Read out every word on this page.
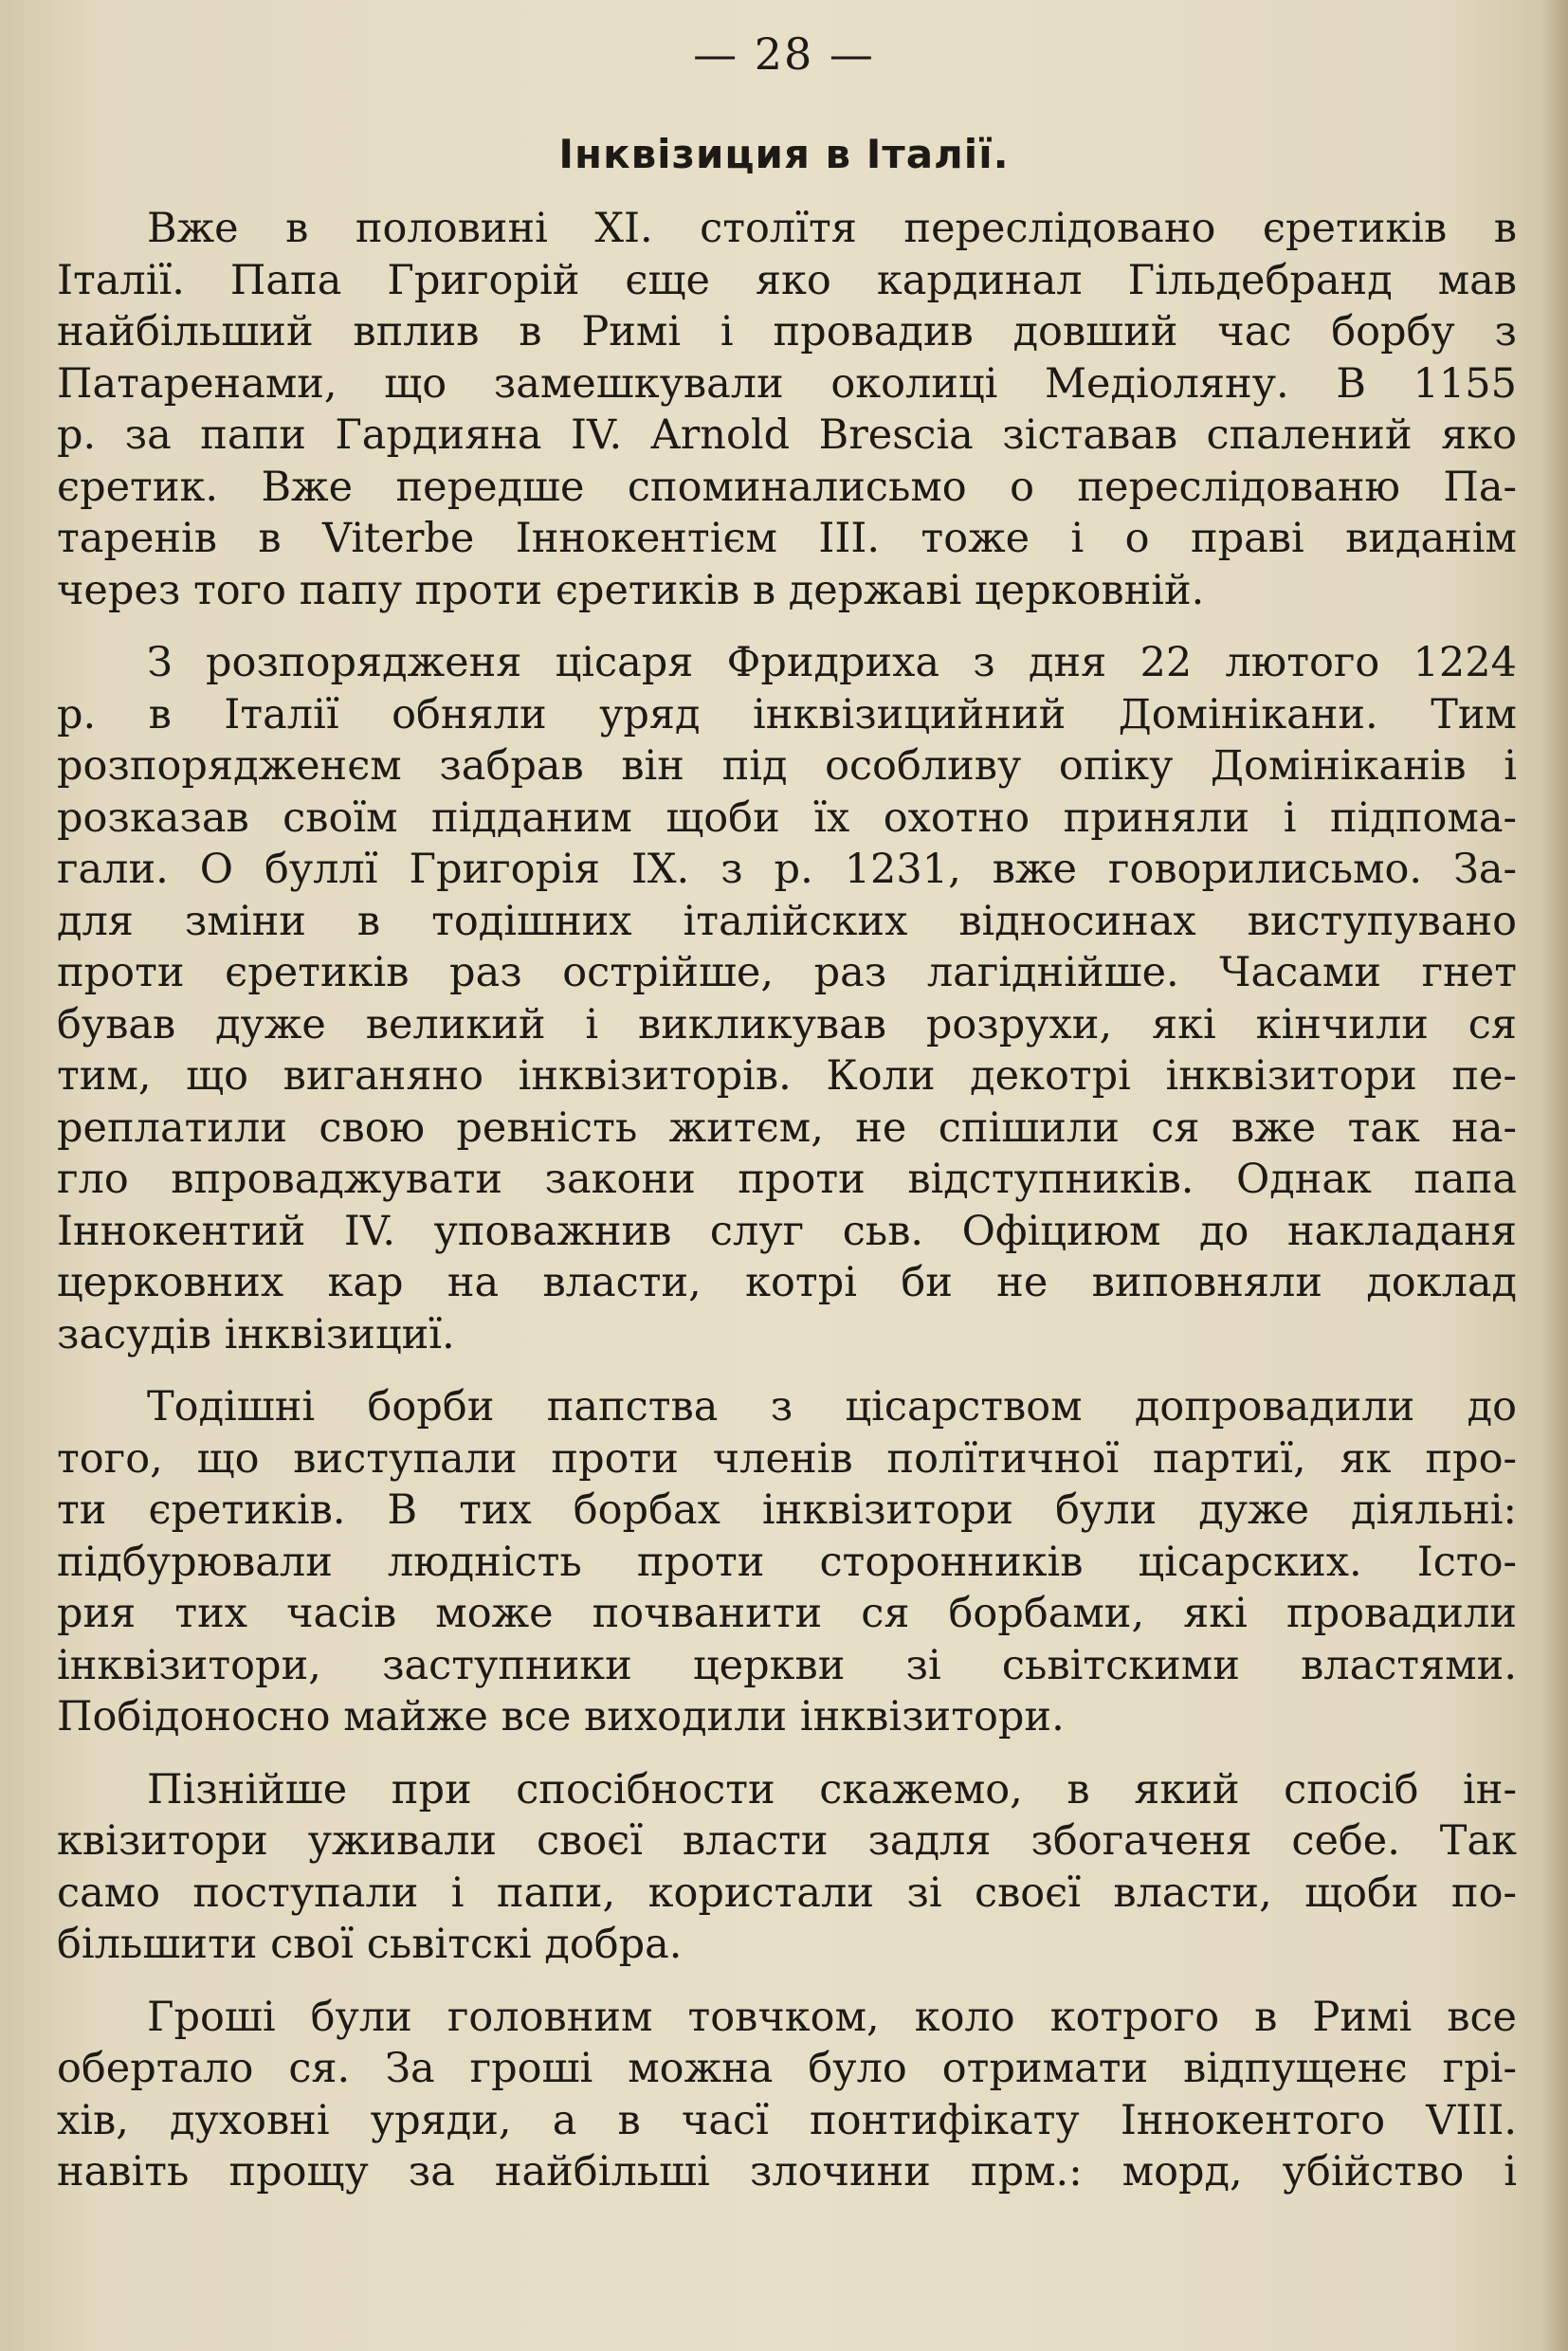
— 28 —
Інквізиция в Італії.
Вже в половині XI. столїтя переслідовано єретиків в
Італії. Папа Григорій єще яко кардинал Гільдебранд мав
найбільший вплив в Римі і провадив довший час борбу з
Патаренами, що замешкували околиці Медіоляну. В 1155
р. за папи Гардияна IV. Arnold Brescia зіставав спалений яко
єретик. Вже передше споминалисьмо о переслідованю Па-
таренів в Viterbe Іннокентієм III. тоже і о праві виданім
через того папу проти єретиків в державі церковній.
З розпорядженя цісаря Фридриха з дня 22 лютого 1224
р. в Італії обняли уряд інквізицийний Домінікани. Тим
розпорядженєм забрав він під особливу опіку Домініканів і
розказав своїм підданим щоби їх охотно приняли і підпома-
гали. О буллї Григорія IX. з р. 1231, вже говорилисьмо. За-
для зміни в тодішних італійских відносинах виступувано
проти єретиків раз острійше, раз лагіднійше. Часами гнет
бував дуже великий і викликував розрухи, які кінчили ся
тим, що виганяно інквізиторів. Коли декотрі інквізитори пе-
реплатили свою ревність житєм, не спішили ся вже так на-
гло впроваджувати закони проти відступників. Однак папа
Іннокентий IV. уповажнив слуг сьв. Офіциюм до накладаня
церковних кар на власти, котрі би не виповняли доклад
засудів інквізициї.
Тодішні борби папства з цісарством допровадили до
того, що виступали проти членів полїтичної партиї, як про-
ти єретиків. В тих борбах інквізитори були дуже діяльні:
підбурювали людність проти сторонників цісарских. Істо-
рия тих часів може почванити ся борбами, які провадили
інквізитори, заступники церкви зі сьвітскими властями.
Побідоносно майже все виходили інквізитори.
Пізнійше при спосібности скажемо, в який спосіб ін-
квізитори уживали своєї власти задля збогаченя себе. Так
само поступали і папи, користали зі своєї власти, щоби по-
більшити свої сьвітскі добра.
Гроші були головним товчком, коло котрого в Римі все
обертало ся. За гроші можна було отримати відпущенє грі-
хів, духовні уряди, а в часї понтифікату Іннокентого VIII.
навіть прощу за найбільші злочини прм.: морд, убійство і
